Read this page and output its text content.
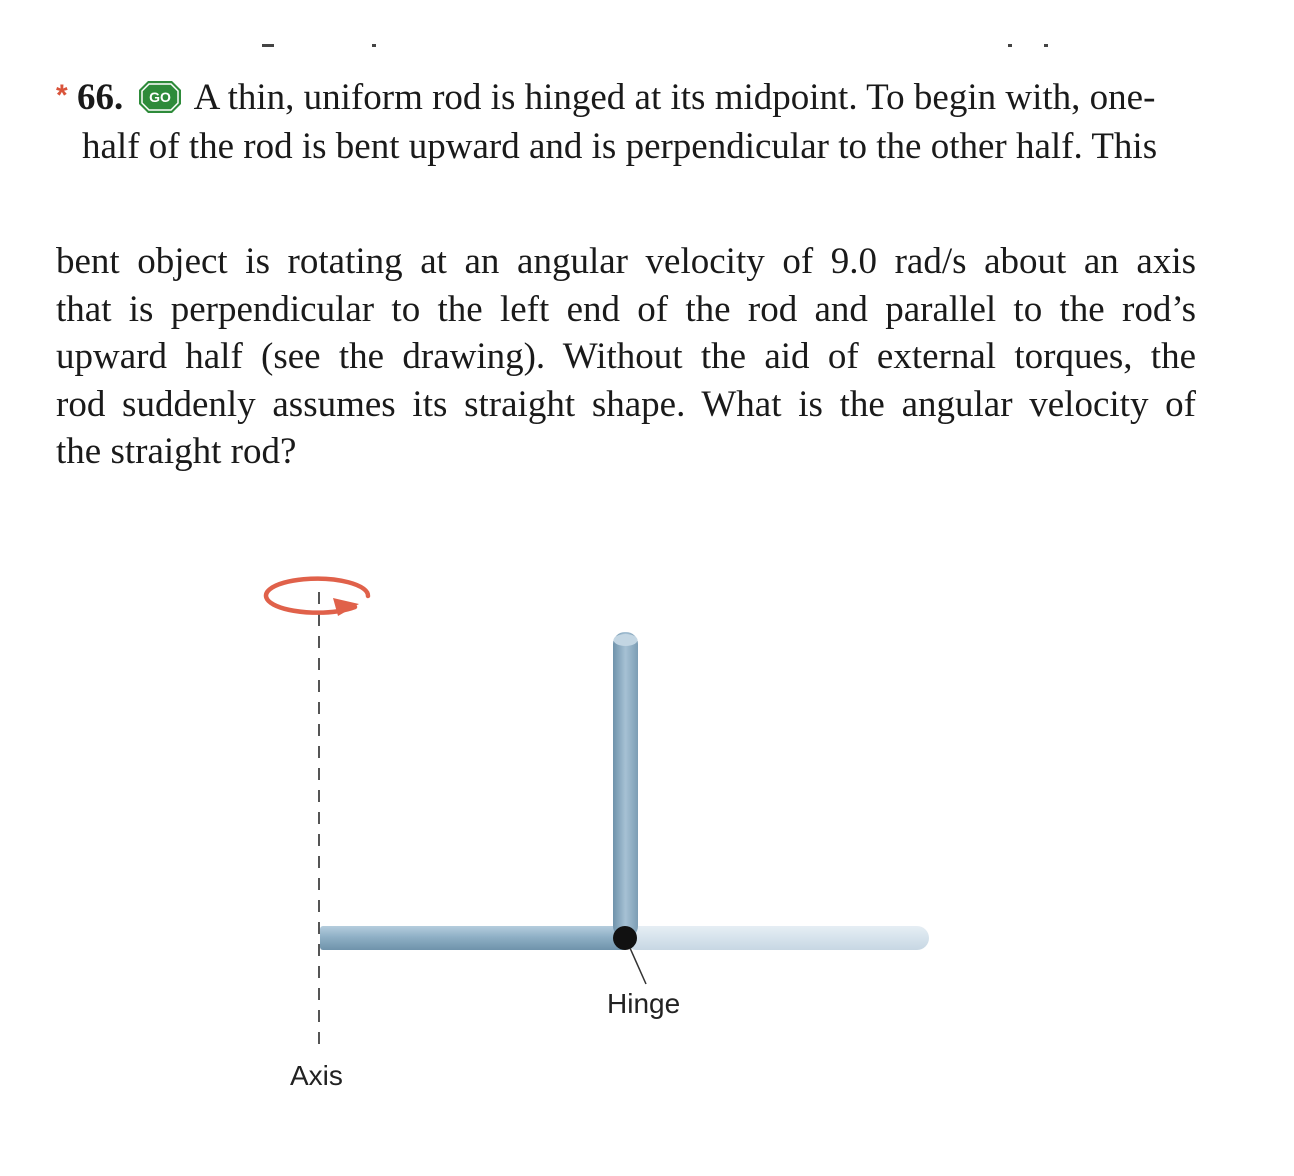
* 66. GO A thin, uniform rod is hinged at its midpoint. To begin with, one-
half of the rod is bent upward and is perpendicular to the other half. This
bent object is rotating at an angular velocity of 9.0 rad/s about an axis
that is perpendicular to the left end of the rod and parallel to the rod’s
upward half (see the drawing). Without the aid of external torques, the
rod suddenly assumes its straight shape. What is the angular velocity of
the straight rod?
Hinge
Axis
